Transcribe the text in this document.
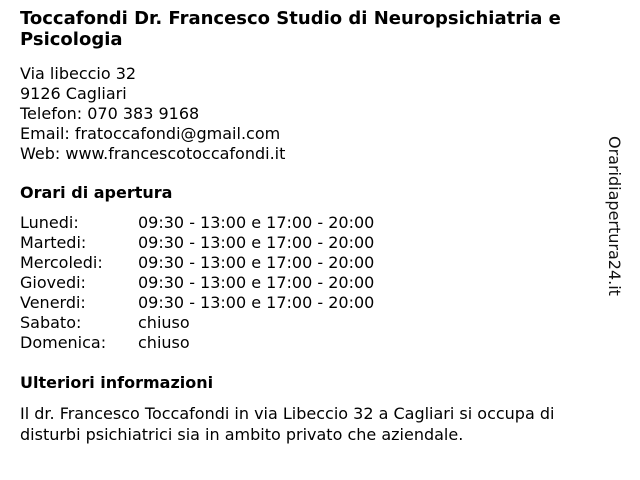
Toccafondi Dr. Francesco Studio di Neuropsichiatria e Psicologia
Via libeccio 32
9126 Cagliari
Telefon: 070 383 9168
Email: fratoccafondi@gmail.com
Web: www.francescotoccafondi.it
Orari di apertura
Lunedi:	09:30 - 13:00 e 17:00 - 20:00
Martedi:	09:30 - 13:00 e 17:00 - 20:00
Mercoledi: 09:30 - 13:00 e 17:00 - 20:00
Giovedi:	09:30 - 13:00 e 17:00 - 20:00
Venerdi:	09:30 - 13:00 e 17:00 - 20:00
Sabato:	chiuso
Domenica: chiuso
Ulteriori informazioni
Il dr. Francesco Toccafondi in via Libeccio 32 a Cagliari si occupa di disturbi psichiatrici sia in ambito privato che aziendale.
Oraridiapertura24.it
